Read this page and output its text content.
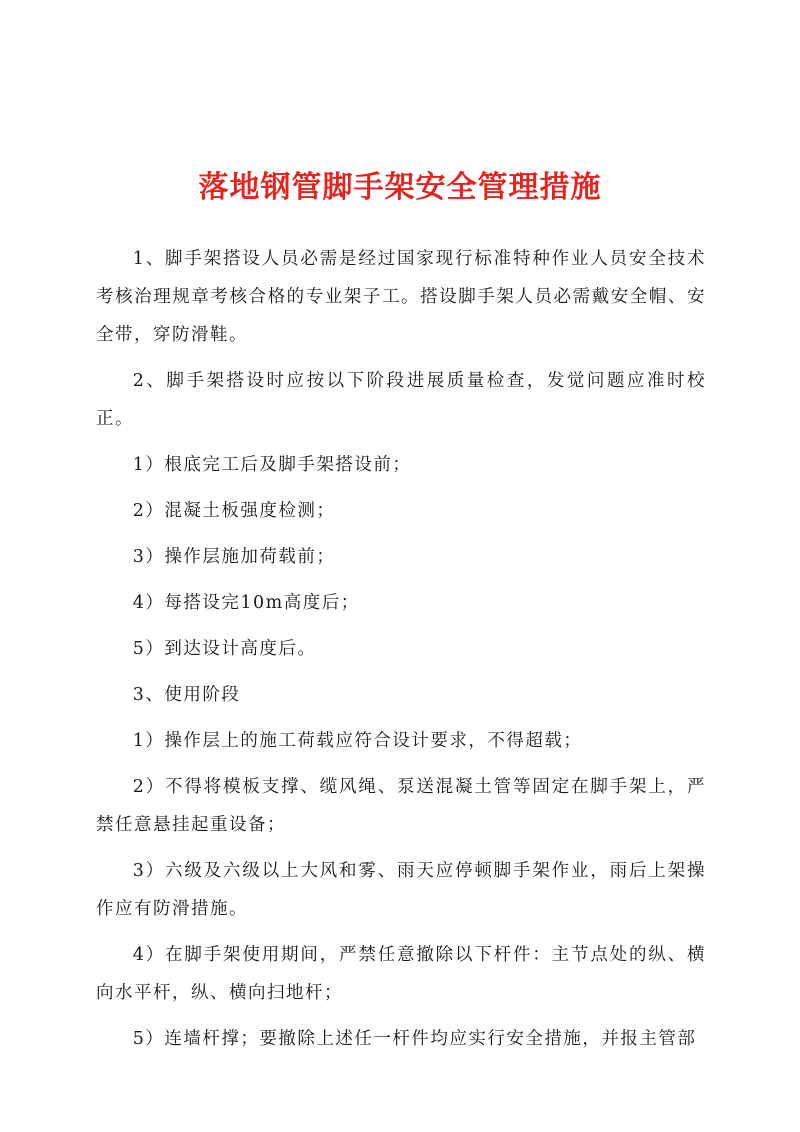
落地钢管脚手架安全管理措施

1、脚手架搭设人员必需是经过国家现行标准特种作业人员安全技术考核治理规章考核合格的专业架子工。搭设脚手架人员必需戴安全帽、安全带，穿防滑鞋。

2、脚手架搭设时应按以下阶段进展质量检查，发觉问题应准时校正。

1）根底完工后及脚手架搭设前；

2）混凝土板强度检测；

3）操作层施加荷载前；

4）每搭设完10m高度后；

5）到达设计高度后。

3、使用阶段

1）操作层上的施工荷载应符合设计要求，不得超载；

2）不得将模板支撑、缆风绳、泵送混凝土管等固定在脚手架上，严禁任意悬挂起重设备；

3）六级及六级以上大风和雾、雨天应停顿脚手架作业，雨后上架操作应有防滑措施。

4）在脚手架使用期间，严禁任意撤除以下杆件：主节点处的纵、横向水平杆，纵、横向扫地杆；

5）连墙杆撑；要撤除上述任一杆件均应实行安全措施，并报主管部
